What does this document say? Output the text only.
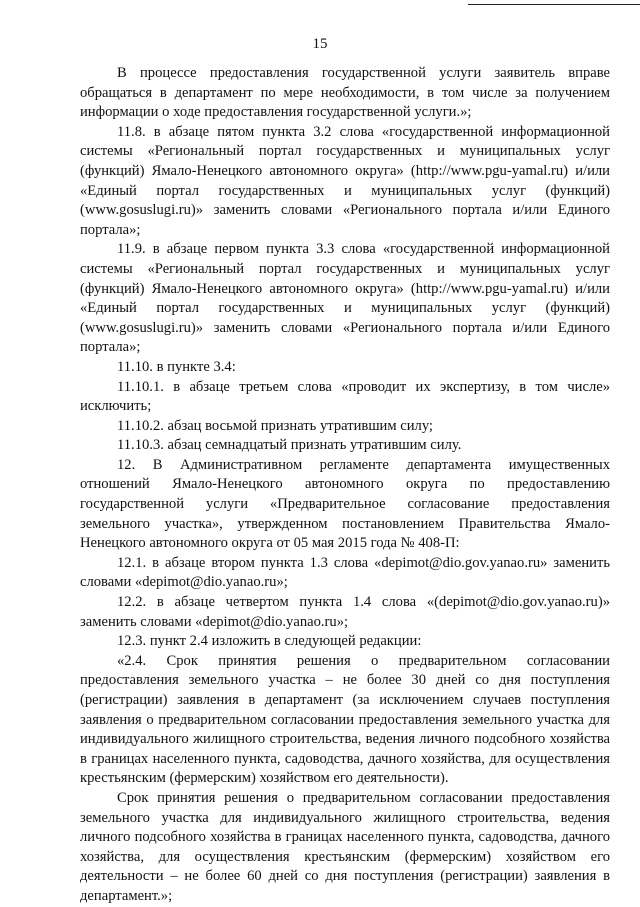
15

В процессе предоставления государственной услуги заявитель вправе обращаться в департамент по мере необходимости, в том числе за получением информации о ходе предоставления государственной услуги.»;

11.8. в абзаце пятом пункта 3.2 слова «государственной информационной системы «Региональный портал государственных и муниципальных услуг (функций) Ямало-Ненецкого автономного округа» (http://www.pgu-yamal.ru) и/или «Единый портал государственных и муниципальных услуг (функций) (www.gosuslugi.ru)» заменить словами «Регионального портала и/или Единого портала»;

11.9. в абзаце первом пункта 3.3 слова «государственной информационной системы «Региональный портал государственных и муниципальных услуг (функций) Ямало-Ненецкого автономного округа» (http://www.pgu-yamal.ru) и/или «Единый портал государственных и муниципальных услуг (функций) (www.gosuslugi.ru)» заменить словами «Регионального портала и/или Единого портала»;

11.10. в пункте 3.4:

11.10.1. в абзаце третьем слова «проводит их экспертизу, в том числе» исключить;

11.10.2. абзац восьмой признать утратившим силу;

11.10.3. абзац семнадцатый признать утратившим силу.

12. В Административном регламенте департамента имущественных отношений Ямало-Ненецкого автономного округа по предоставлению государственной услуги «Предварительное согласование предоставления земельного участка», утвержденном постановлением Правительства Ямало-Ненецкого автономного округа от 05 мая 2015 года № 408-П:

12.1. в абзаце втором пункта 1.3 слова «depimot@dio.gov.yanao.ru» заменить словами «depimot@dio.yanao.ru»;

12.2. в абзаце четвертом пункта 1.4 слова «(depimot@dio.gov.yanao.ru)» заменить словами «depimot@dio.yanao.ru»;

12.3. пункт 2.4 изложить в следующей редакции:

«2.4. Срок принятия решения о предварительном согласовании предоставления земельного участка – не более 30 дней со дня поступления (регистрации) заявления в департамент (за исключением случаев поступления заявления о предварительном согласовании предоставления земельного участка для индивидуального жилищного строительства, ведения личного подсобного хозяйства в границах населенного пункта, садоводства, дачного хозяйства, для осуществления крестьянским (фермерским) хозяйством его деятельности).

Срок принятия решения о предварительном согласовании предоставления земельного участка для индивидуального жилищного строительства, ведения личного подсобного хозяйства в границах населенного пункта, садоводства, дачного хозяйства, для осуществления крестьянским (фермерским) хозяйством его деятельности – не более 60 дней со дня поступления (регистрации) заявления в департамент.»;
